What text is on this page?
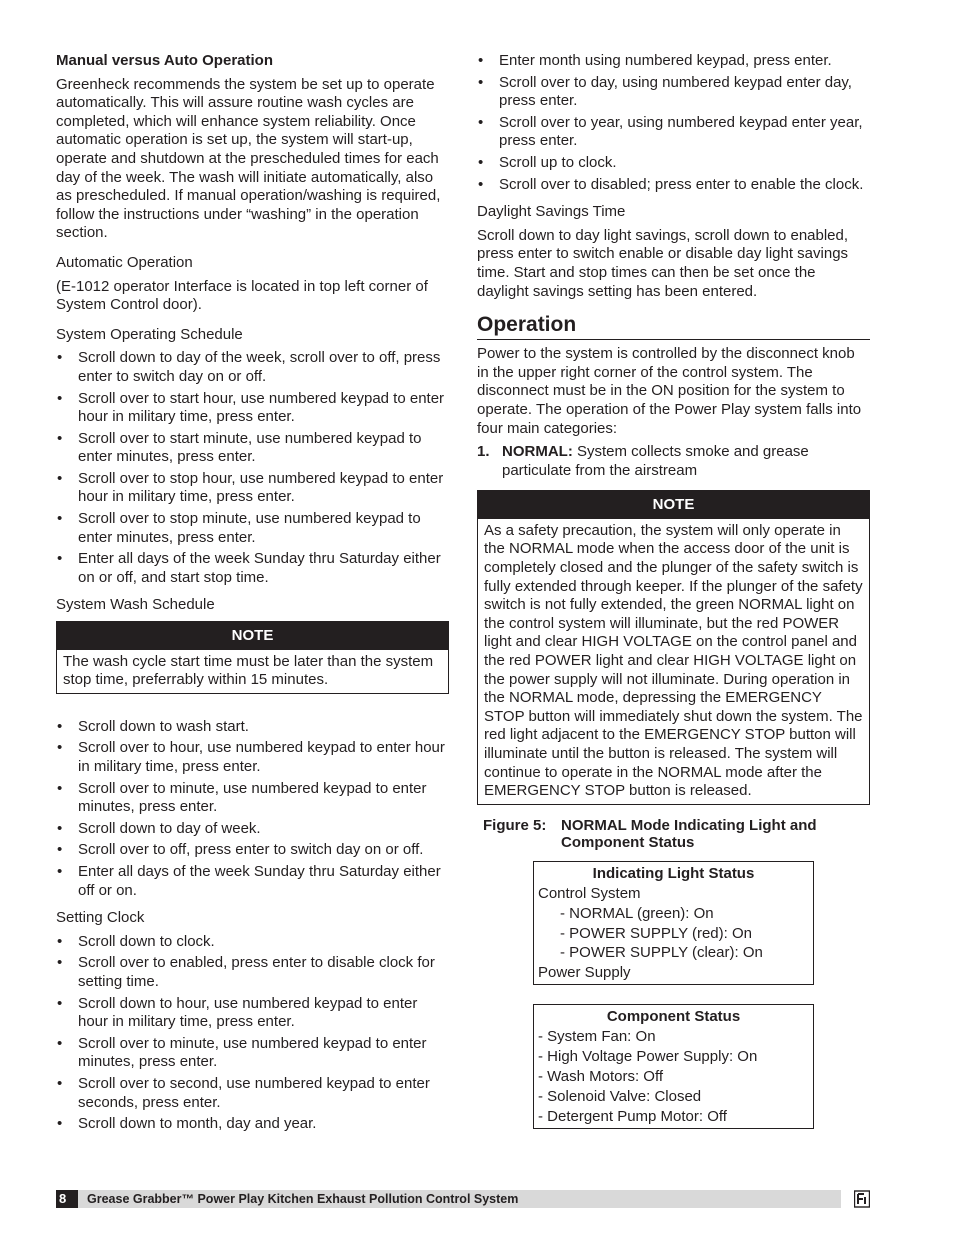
Manual versus Auto Operation

Greenheck recommends the system be set up to operate automatically. This will assure routine wash cycles are completed, which will enhance system reliability. Once automatic operation is set up, the system will start-up, operate and shutdown at the prescheduled times for each day of the week. The wash will initiate automatically, also as prescheduled. If manual operation/washing is required, follow the instructions under “washing” in the operation section.

Automatic Operation

(E-1012 operator Interface is located in top left corner of System Control door).

System Operating Schedule
• Scroll down to day of the week, scroll over to off, press enter to switch day on or off.
• Scroll over to start hour, use numbered keypad to enter hour in military time, press enter.
• Scroll over to start minute, use numbered keypad to enter minutes, press enter.
• Scroll over to stop hour, use numbered keypad to enter hour in military time, press enter.
• Scroll over to stop minute, use numbered keypad to enter minutes, press enter.
• Enter all days of the week Sunday thru Saturday either on or off, and start stop time.
System Wash Schedule
NOTE
The wash cycle start time must be later than the system stop time, preferrably within 15 minutes.
• Scroll down to wash start.
• Scroll over to hour, use numbered keypad to enter hour in military time, press enter.
• Scroll over to minute, use numbered keypad to enter minutes, press enter.
• Scroll down to day of week.
• Scroll over to off, press enter to switch day on or off.
• Enter all days of the week Sunday thru Saturday either off or on.
Setting Clock
• Scroll down to clock.
• Scroll over to enabled, press enter to disable clock for setting time.
• Scroll down to hour, use numbered keypad to enter hour in military time, press enter.
• Scroll over to minute, use numbered keypad to enter minutes, press enter.
• Scroll over to second, use numbered keypad to enter seconds, press enter.
• Scroll down to month, day and year.
• Enter month using numbered keypad, press enter.
• Scroll over to day, using numbered keypad enter day, press enter.
• Scroll over to year, using numbered keypad enter year, press enter.
• Scroll up to clock.
• Scroll over to disabled; press enter to enable the clock.
Daylight Savings Time

Scroll down to day light savings, scroll down to enabled, press enter to switch enable or disable day light savings time. Start and stop times can then be set once the daylight savings setting has been entered.

Operation

Power to the system is controlled by the disconnect knob in the upper right corner of the control system. The disconnect must be in the ON position for the system to operate. The operation of the Power Play system falls into four main categories:

1. NORMAL: System collects smoke and grease particulate from the airstream
NOTE
As a safety precaution, the system will only operate in the NORMAL mode when the access door of the unit is completely closed and the plunger of the safety switch is fully extended through keeper. If the plunger of the safety switch is not fully extended, the green NORMAL light on the control system will illuminate, but the red POWER light and clear HIGH VOLTAGE on the control panel and the red POWER light and clear HIGH VOLTAGE light on the power supply will not illuminate. During operation in the NORMAL mode, depressing the EMERGENCY STOP button will immediately shut down the system. The red light adjacent to the EMERGENCY STOP button will illuminate until the button is released. The system will continue to operate in the NORMAL mode after the EMERGENCY STOP button is released.
Figure 5: NORMAL Mode Indicating Light and Component Status
Indicating Light Status
Control System
- NORMAL (green): On
- POWER SUPPLY (red): On
- POWER SUPPLY (clear): On
Power Supply
Component Status
- System Fan: On
- High Voltage Power Supply: On
- Wash Motors: Off
- Solenoid Valve: Closed
- Detergent Pump Motor: Off
8	Grease Grabber™ Power Play Kitchen Exhaust Pollution Control System
